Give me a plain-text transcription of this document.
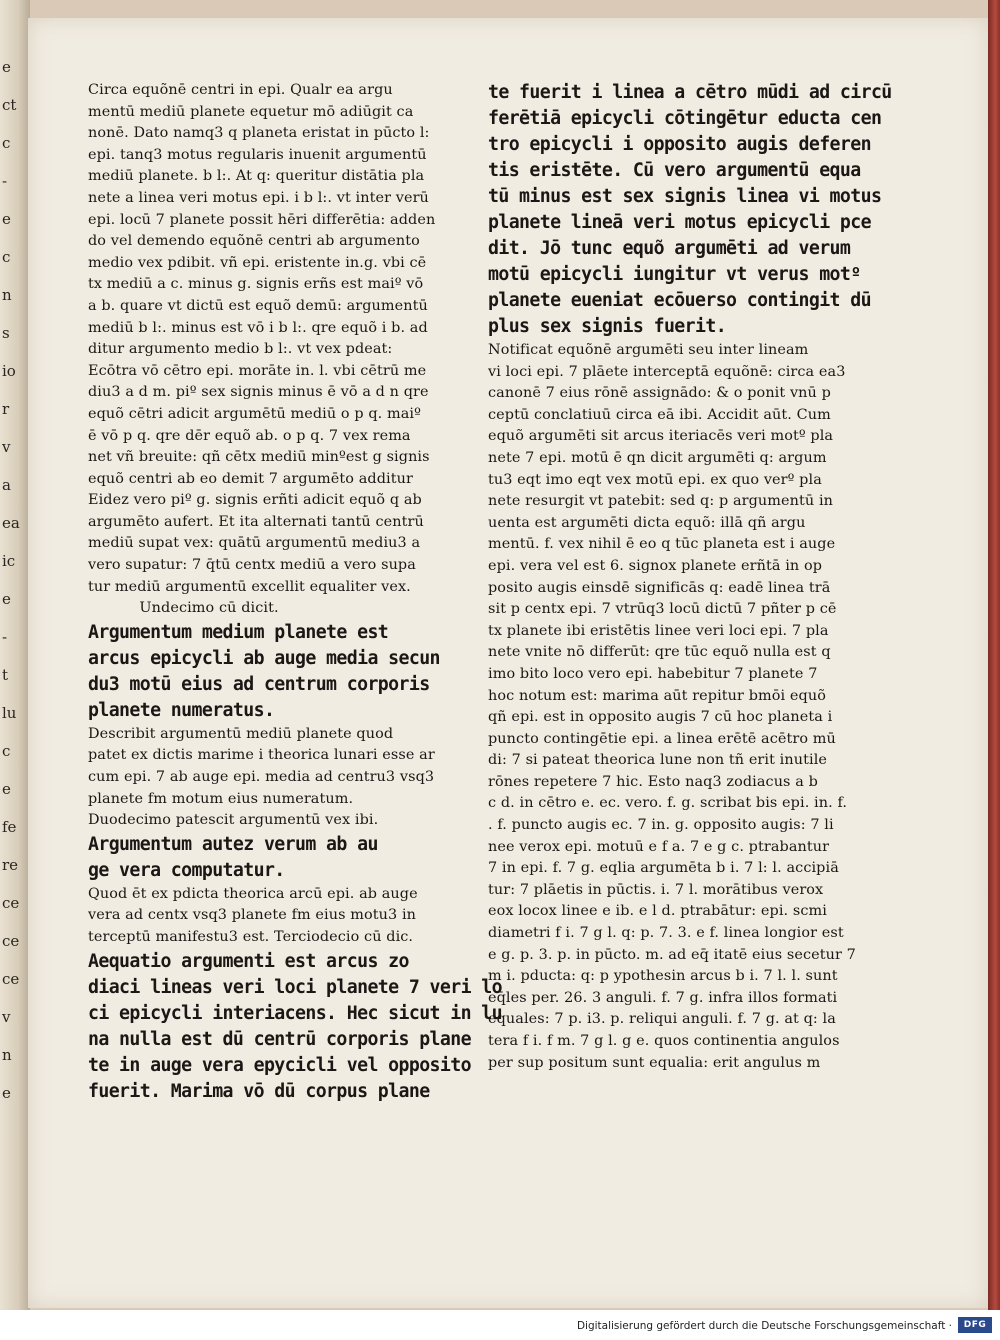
e
ct
c
-
e
c
n
s
io
r
v
a
ea
ic
e
-
t
lu
c
e
fe
re
ce
ce
ce
v
n
e
Circa equõnē centri in epi. Qualr ea argu
mentū mediū planete equetur mō adiūgit ca
nonē. Dato namq3 q planeta eristat in pūcto l:
epi. tanq3 motus regularis inuenit argumentū
mediū planete. b l:. At q: queritur distātia pla
nete a linea veri motus epi. i b l:. vt inter verū
epi. locū 7 planete possit hēri differētia: adden
do vel demendo equõnē centri ab argumento
medio vex pdibit. vñ epi. eristente in.g. vbi cē
tx mediū a c. minus g. signis erñs est maiº vō
a b. quare vt dictū est equõ demū: argumentū
mediū b l:. minus est vō i b l:. qre equõ i b. ad
ditur argumento medio b l:. vt vex pdeat:
Ecōtra vō cētro epi. morāte in. l. vbi cētrū me
diu3 a d m. piº sex signis minus ē vō a d n qre
equõ cētri adicit argumētū mediū o p q. maiº
ē vō p q. qre dēr equõ ab. o p q. 7 vex rema
net vñ breuite: qñ cētx mediū minºest g signis
equõ centri ab eo demit 7 argumēto additur
Eidez vero piº g. signis erñti adicit equõ q ab
argumēto aufert. Et ita alternati tantū centrū
mediū supat vex: quātū argumentū mediu3 a
vero supatur: 7 q̄tū centx mediū a vero supa
tur mediū argumentū excellit equaliter vex.
Undecimo cū dicit.
Argumentum medium planete est
arcus epicycli ab auge media secun
du3 motū eius ad centrum corporis
planete numeratus.
Describit argumentū mediū planete quod
patet ex dictis marime i theorica lunari esse ar
cum epi. 7 ab auge epi. media ad centru3 vsq3
planete fm motum eius numeratum.
Duodecimo patescit argumentū vex ibi.
Argumentum autez verum ab au
ge vera computatur.
Quod ēt ex pdicta theorica arcū epi. ab auge
vera ad centx vsq3 planete fm eius motu3 in
terceptū manifestu3 est. Terciodecio cū dic.
Aequatio argumenti est arcus zo
diaci lineas veri loci planete 7 veri lo
ci epicycli interiacens. Hec sicut in lu
na nulla est dū centrū corporis plane
te in auge vera epycicli vel opposito
fuerit. Marima vō dū corpus plane
te fuerit i linea a cētro mūdi ad circū
ferētiā epicycli cōtingētur educta cen
tro epicycli i opposito augis deferen
tis eristēte. Cū vero argumentū equa
tū minus est sex signis linea vi motus
planete lineā veri motus epicycli pce
dit. Jō tunc equõ argumēti ad verum
motū epicycli iungitur vt verus motº
planete eueniat ecōuerso contingit dū
plus sex signis fuerit.
Notificat equõnē argumēti seu inter lineam
vi loci epi. 7 plāete interceptā equõnē: circa ea3
canonē 7 eius rōnē assignādo: & o ponit vnū p
ceptū conclatiuū circa eā ibi. Accidit aūt. Cum
equõ argumēti sit arcus iteriacēs veri motº pla
nete 7 epi. motū ē qn dicit argumēti q: argum
tu3 eqt imo eqt vex motū epi. ex quo verº pla
nete resurgit vt patebit: sed q: p argumentū in
uenta est argumēti dicta equõ: illā qñ argu
mentū. f. vex nihil ē eo q tūc planeta est i auge
epi. vera vel est 6. signox planete erñtā in op
posito augis einsdē significās q: eadē linea trā
sit p centx epi. 7 vtrūq3 locū dictū 7 pñter p cē
tx planete ibi eristētis linee veri loci epi. 7 pla
nete vnite nō differūt: qre tūc equõ nulla est q
imo bito loco vero epi. habebitur 7 planete 7
hoc notum est: marima aūt repitur bmōi equõ
qñ epi. est in opposito augis 7 cū hoc planeta i
puncto contingētie epi. a linea erētē acētro mū
di: 7 si pateat theorica lune non tñ erit inutile
rōnes repetere 7 hic. Esto naq3 zodiacus a b
c d. in cētro e. ec. vero. f. g. scribat bis epi. in. f.
. f. puncto augis ec. 7 in. g. opposito augis: 7 li
nee verox epi. motuū e f a. 7 e g c. ptrabantur
7 in epi. f. 7 g. eqlia argumēta b i. 7 l: l. accipiā
tur: 7 plāetis in pūctis. i. 7 l. morātibus verox
eox locox linee e ib. e l d. ptrabātur: epi. scmi
diametri f i. 7 g l. q: p. 7. 3. e f. linea longior est
e g. p. 3. p. in pūcto. m. ad eq̄ itatē eius secetur 7
m i. pducta: q: p ypothesin arcus b i. 7 l. l. sunt
eq̄les per. 26. 3 anguli. f. 7 g. infra illos formati
equales: 7 p. i3. p. reliqui anguli. f. 7 g. at q: la
tera f i. f m. 7 g l. g e. quos continentia angulos
per sup positum sunt equalia: erit angulus m
Digitalisierung gefördert durch die Deutsche Forschungsgemeinschaft ·	DFG
